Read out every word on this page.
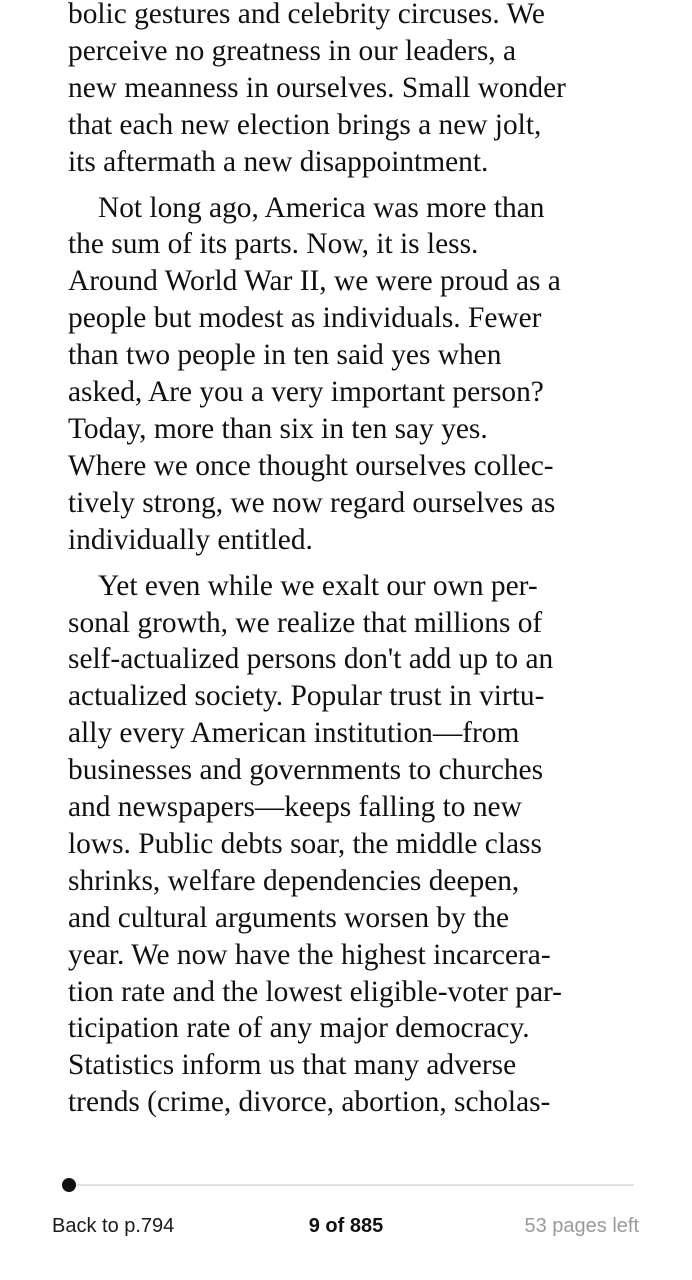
bolic gestures and celebrity circuses. We
perceive no greatness in our leaders, a
new meanness in ourselves. Small wonder
that each new election brings a new jolt,
its aftermath a new disappointment.

Not long ago, America was more than
the sum of its parts. Now, it is less.
Around World War II, we were proud as a
people but modest as individuals. Fewer
than two people in ten said yes when
asked, Are you a very important person?
Today, more than six in ten say yes.
Where we once thought ourselves collec-
tively strong, we now regard ourselves as
individually entitled.

Yet even while we exalt our own per-
sonal growth, we realize that millions of
self-actualized persons don't add up to an
actualized society. Popular trust in virtu-
ally every American institution—from
businesses and governments to churches
and newspapers—keeps falling to new
lows. Public debts soar, the middle class
shrinks, welfare dependencies deepen,
and cultural arguments worsen by the
year. We now have the highest incarcera-
tion rate and the lowest eligible-voter par-
ticipation rate of any major democracy.
Statistics inform us that many adverse
trends (crime, divorce, abortion, scholas-

Back to p.794	9 of 885	53 pages left
